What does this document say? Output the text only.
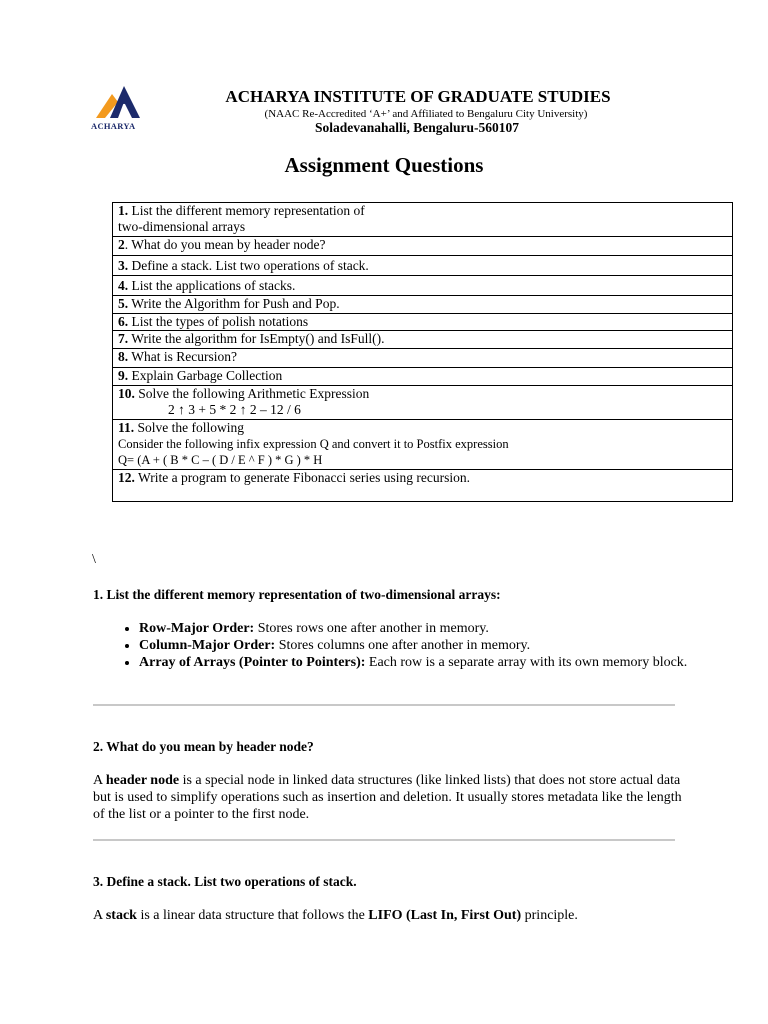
ACHARYA
ACHARYA INSTITUTE OF GRADUATE STUDIES
(NAAC Re-Accredited ‘A+’ and Affiliated to Bengaluru City University)
Soladevanahalli, Bengaluru-560107
Assignment Questions
1. List the different memory representation of
two-dimensional arrays
2. What do you mean by header node?
3. Define a stack. List two operations of stack.
4. List the applications of stacks.
5. Write the Algorithm for Push and Pop.
6. List the types of polish notations
7. Write the algorithm for IsEmpty() and IsFull().
8. What is Recursion?
9. Explain Garbage Collection
10. Solve the following Arithmetic Expression
2 ↑ 3 + 5 * 2 ↑ 2 – 12 / 6
11. Solve the following
Consider the following infix expression Q and convert it to Postfix expression
Q= (A + ( B * C – ( D / E ^ F ) * G ) * H
12. Write a program to generate Fibonacci series using recursion.
\
1. List the different memory representation of two-dimensional arrays:
• Row-Major Order: Stores rows one after another in memory.
• Column-Major Order: Stores columns one after another in memory.
• Array of Arrays (Pointer to Pointers): Each row is a separate array with its own memory block.
2. What do you mean by header node?

A header node is a special node in linked data structures (like linked lists) that does not store actual data but is used to simplify operations such as insertion and deletion. It usually stores metadata like the length of the list or a pointer to the first node.

3. Define a stack. List two operations of stack.

A stack is a linear data structure that follows the LIFO (Last In, First Out) principle.
